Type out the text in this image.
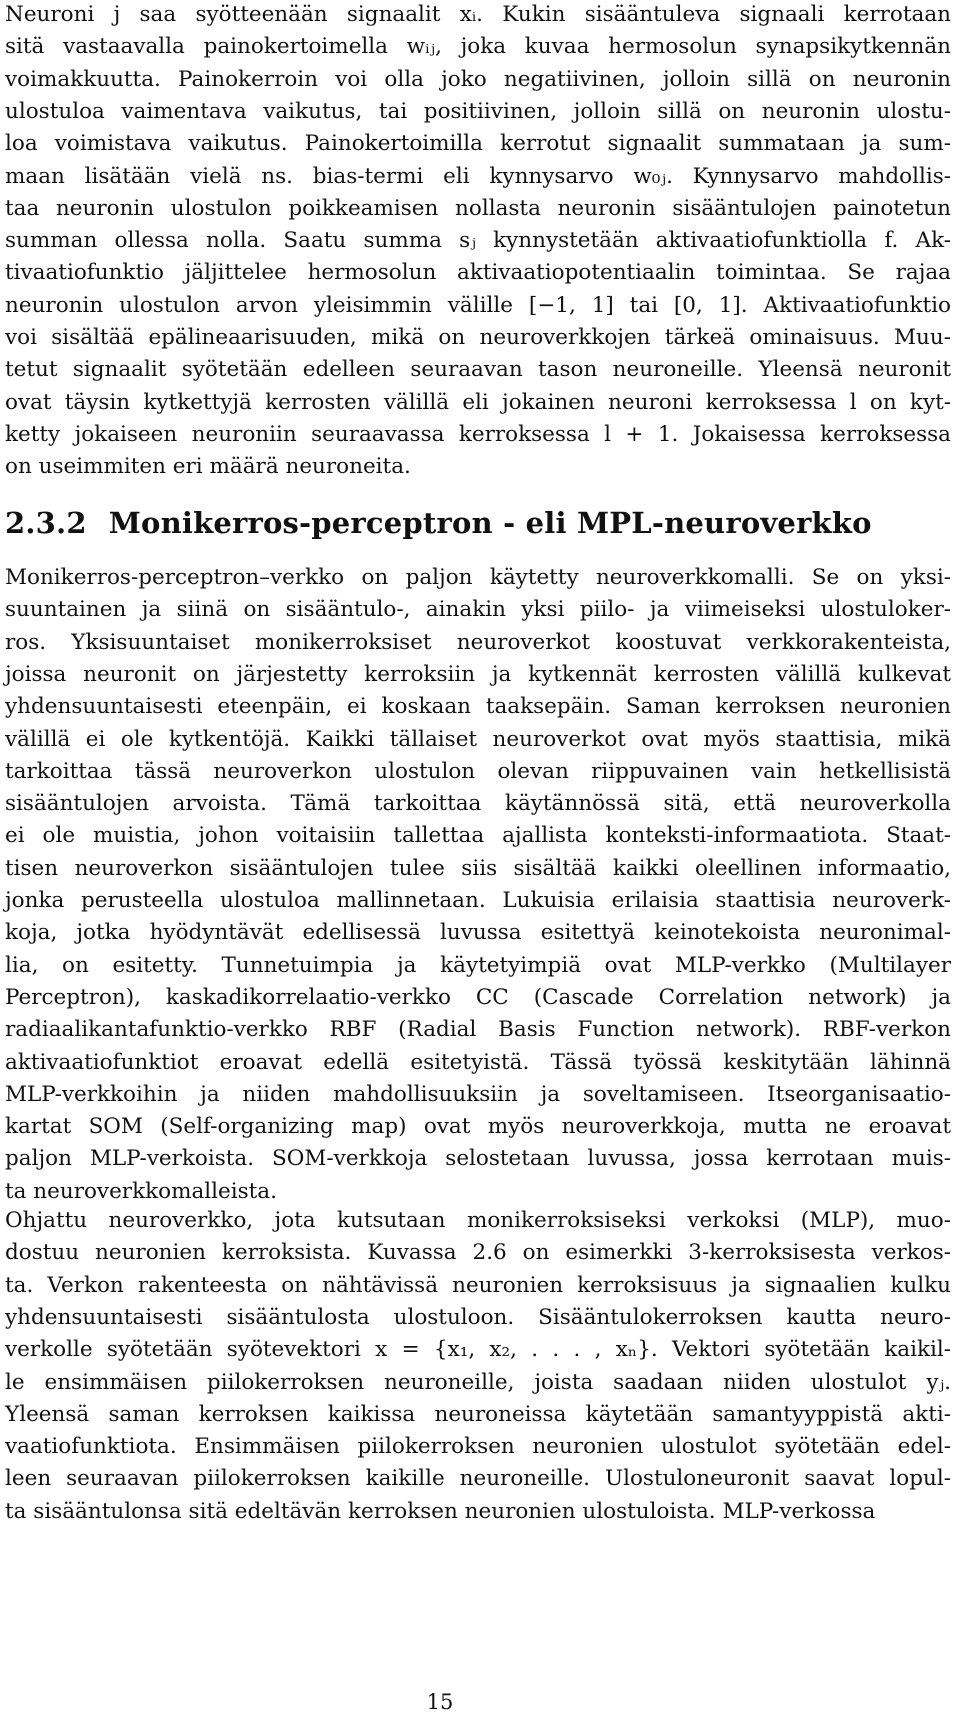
Neuroni j saa syötteenään signaalit xᵢ. Kukin sisääntuleva signaali kerrotaan
sitä vastaavalla painokertoimella wᵢⱼ, joka kuvaa hermosolun synapsikytkennän
voimakkuutta. Painokerroin voi olla joko negatiivinen, jolloin sillä on neuronin
ulostuloa vaimentava vaikutus, tai positiivinen, jolloin sillä on neuronin ulostu-
loa voimistava vaikutus. Painokertoimilla kerrotut signaalit summataan ja sum-
maan lisätään vielä ns. bias-termi eli kynnysarvo w₀ⱼ. Kynnysarvo mahdollis-
taa neuronin ulostulon poikkeamisen nollasta neuronin sisääntulojen painotetun
summan ollessa nolla. Saatu summa sⱼ kynnystetään aktivaatiofunktiolla f. Ak-
tivaatiofunktio jäljittelee hermosolun aktivaatiopotentiaalin toimintaa. Se rajaa
neuronin ulostulon arvon yleisimmin välille [−1, 1] tai [0, 1]. Aktivaatiofunktio
voi sisältää epälineaarisuuden, mikä on neuroverkkojen tärkeä ominaisuus. Muu-
tetut signaalit syötetään edelleen seuraavan tason neuroneille. Yleensä neuronit
ovat täysin kytkettyjä kerrosten välillä eli jokainen neuroni kerroksessa l on kyt-
ketty jokaiseen neuroniin seuraavassa kerroksessa l + 1. Jokaisessa kerroksessa
on useimmiten eri määrä neuroneita.
2.3.2 Monikerros-perceptron - eli MPL-neuroverkko
Monikerros-perceptron–verkko on paljon käytetty neuroverkkomalli. Se on yksi-
suuntainen ja siinä on sisääntulo-, ainakin yksi piilo- ja viimeiseksi ulostuloker-
ros. Yksisuuntaiset monikerroksiset neuroverkot koostuvat verkkorakenteista,
joissa neuronit on järjestetty kerroksiin ja kytkennät kerrosten välillä kulkevat
yhdensuuntaisesti eteenpäin, ei koskaan taaksepäin. Saman kerroksen neuronien
välillä ei ole kytkentöjä. Kaikki tällaiset neuroverkot ovat myös staattisia, mikä
tarkoittaa tässä neuroverkon ulostulon olevan riippuvainen vain hetkellisistä
sisääntulojen arvoista. Tämä tarkoittaa käytännössä sitä, että neuroverkolla
ei ole muistia, johon voitaisiin tallettaa ajallista konteksti-informaatiota. Staat-
tisen neuroverkon sisääntulojen tulee siis sisältää kaikki oleellinen informaatio,
jonka perusteella ulostuloa mallinnetaan. Lukuisia erilaisia staattisia neuroverk-
koja, jotka hyödyntävät edellisessä luvussa esitettyä keinotekoista neuronimal-
lia, on esitetty. Tunnetuimpia ja käytetyimpiä ovat MLP-verkko (Multilayer
Perceptron), kaskadikorrelaatio-verkko CC (Cascade Correlation network) ja
radiaalikantafunktio-verkko RBF (Radial Basis Function network). RBF-verkon
aktivaatiofunktiot eroavat edellä esitetyistä. Tässä työssä keskitytään lähinnä
MLP-verkkoihin ja niiden mahdollisuuksiin ja soveltamiseen. Itseorganisaatio-
kartat SOM (Self-organizing map) ovat myös neuroverkkoja, mutta ne eroavat
paljon MLP-verkoista. SOM-verkkoja selostetaan luvussa, jossa kerrotaan muis-
ta neuroverkkomalleista.
Ohjattu neuroverkko, jota kutsutaan monikerroksiseksi verkoksi (MLP), muo-
dostuu neuronien kerroksista. Kuvassa 2.6 on esimerkki 3-kerroksisesta verkos-
ta. Verkon rakenteesta on nähtävissä neuronien kerroksisuus ja signaalien kulku
yhdensuuntaisesti sisääntulosta ulostuloon. Sisääntulokerroksen kautta neuro-
verkolle syötetään syötevektori x = {x₁, x₂, . . . , xₙ}. Vektori syötetään kaikil-
le ensimmäisen piilokerroksen neuroneille, joista saadaan niiden ulostulot yⱼ.
Yleensä saman kerroksen kaikissa neuroneissa käytetään samantyyppistä akti-
vaatiofunktiota. Ensimmäisen piilokerroksen neuronien ulostulot syötetään edel-
leen seuraavan piilokerroksen kaikille neuroneille. Ulostuloneuronit saavat lopul-
ta sisääntulonsa sitä edeltävän kerroksen neuronien ulostuloista. MLP-verkossa
15
